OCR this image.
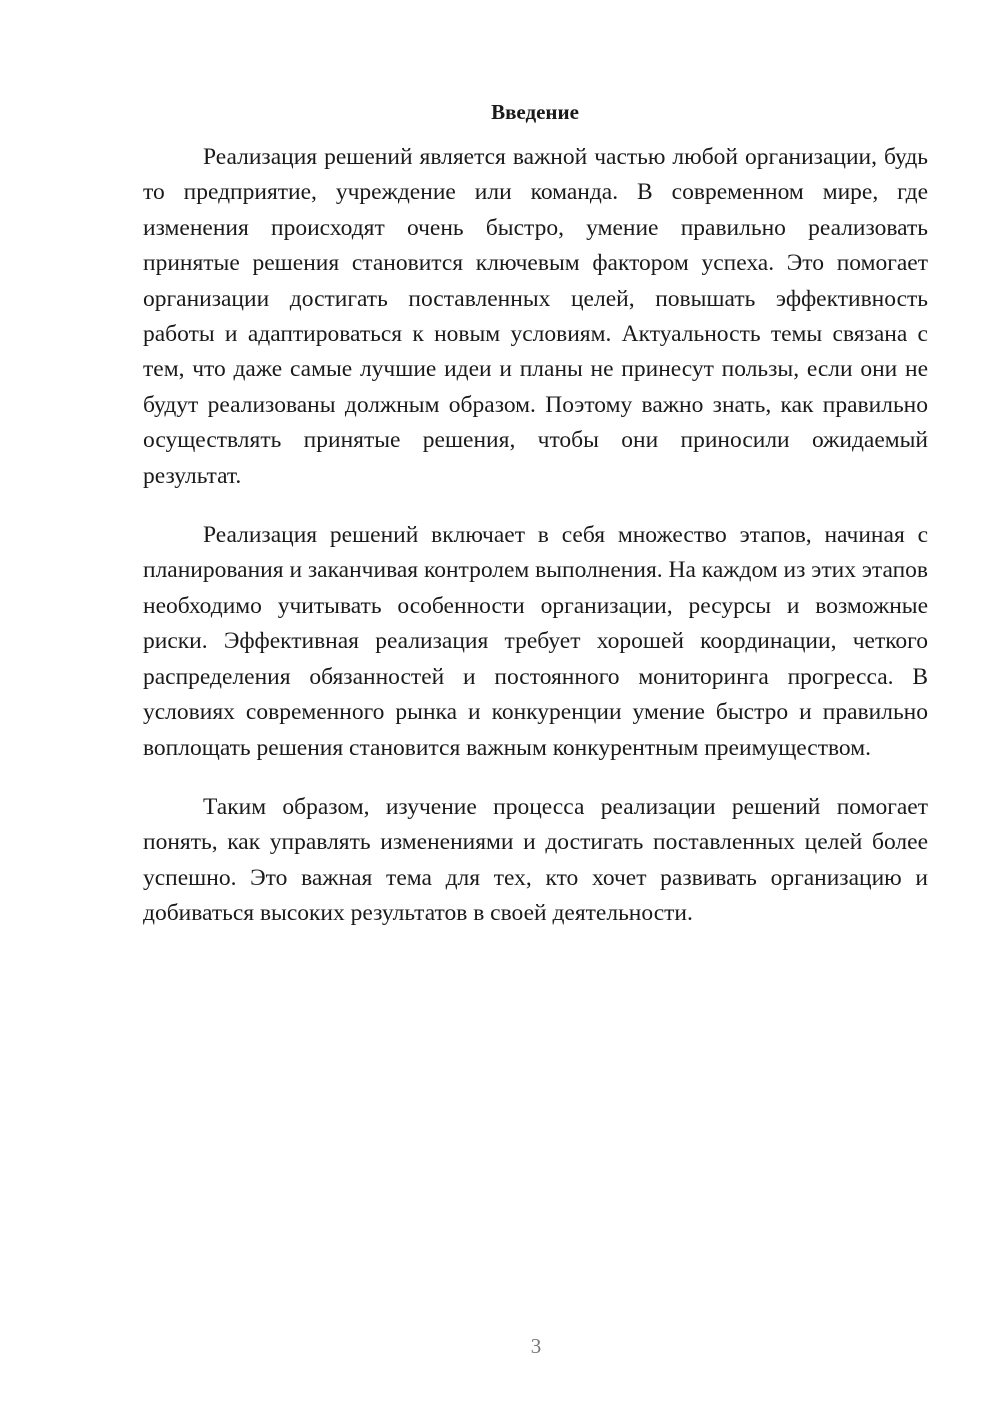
Введение

Реализация решений является важной частью любой организации, будь то предприятие, учреждение или команда. В современном мире, где изменения происходят очень быстро, умение правильно реализовать принятые решения становится ключевым фактором успеха. Это помогает организации достигать поставленных целей, повышать эффективность работы и адаптироваться к новым условиям. Актуальность темы связана с тем, что даже самые лучшие идеи и планы не принесут пользы, если они не будут реализованы должным образом. Поэтому важно знать, как правильно осуществлять принятые решения, чтобы они приносили ожидаемый результат.

Реализация решений включает в себя множество этапов, начиная с планирования и заканчивая контролем выполнения. На каждом из этих этапов необходимо учитывать особенности организации, ресурсы и возможные риски. Эффективная реализация требует хорошей координации, четкого распределения обязанностей и постоянного мониторинга прогресса. В условиях современного рынка и конкуренции умение быстро и правильно воплощать решения становится важным конкурентным преимуществом.

Таким образом, изучение процесса реализации решений помогает понять, как управлять изменениями и достигать поставленных целей более успешно. Это важная тема для тех, кто хочет развивать организацию и добиваться высоких результатов в своей деятельности.

3
